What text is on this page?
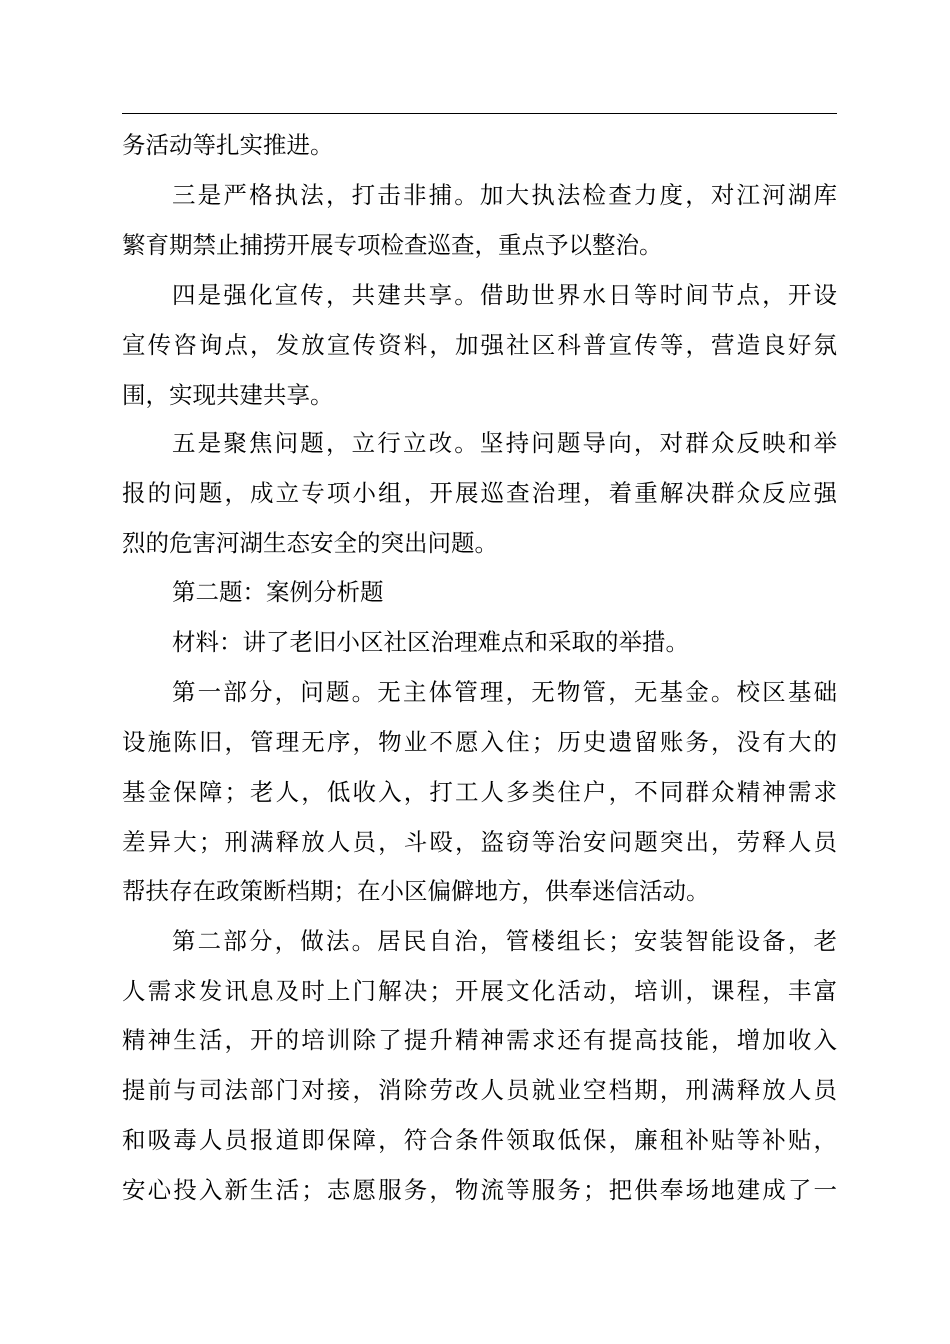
务活动等扎实推进。
三是严格执法，打击非捕。加大执法检查力度，对江河湖库
繁育期禁止捕捞开展专项检查巡查，重点予以整治。
四是强化宣传，共建共享。借助世界水日等时间节点，开设
宣传咨询点，发放宣传资料，加强社区科普宣传等，营造良好氛
围，实现共建共享。
五是聚焦问题，立行立改。坚持问题导向，对群众反映和举
报的问题，成立专项小组，开展巡查治理，着重解决群众反应强
烈的危害河湖生态安全的突出问题。
第二题：案例分析题
材料：讲了老旧小区社区治理难点和采取的举措。
第一部分，问题。无主体管理，无物管，无基金。校区基础
设施陈旧，管理无序，物业不愿入住；历史遗留账务，没有大的
基金保障；老人，低收入，打工人多类住户，不同群众精神需求
差异大；刑满释放人员，斗殴，盗窃等治安问题突出，劳释人员
帮扶存在政策断档期；在小区偏僻地方，供奉迷信活动。
第二部分，做法。居民自治，管楼组长；安装智能设备，老
人需求发讯息及时上门解决；开展文化活动，培训，课程，丰富
精神生活，开的培训除了提升精神需求还有提高技能，增加收入
提前与司法部门对接，消除劳改人员就业空档期，刑满释放人员
和吸毒人员报道即保障，符合条件领取低保，廉租补贴等补贴，
安心投入新生活；志愿服务，物流等服务；把供奉场地建成了一
